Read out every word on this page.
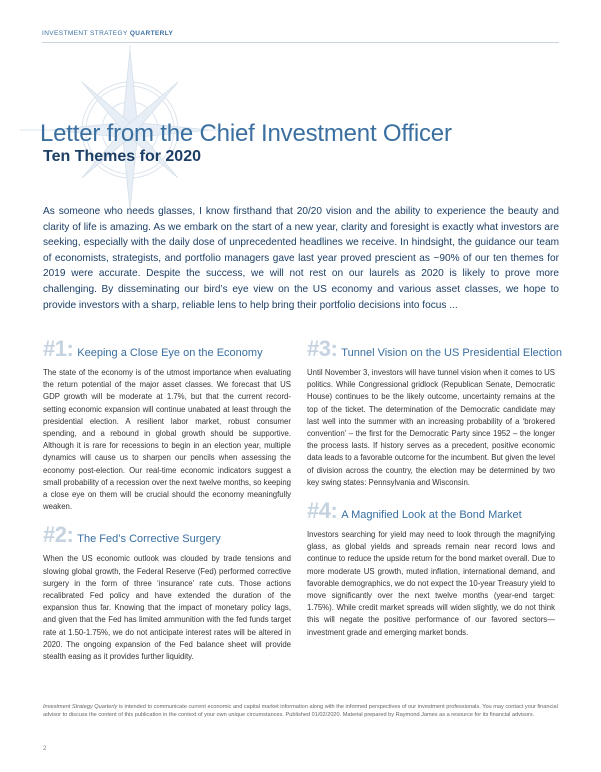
INVESTMENT STRATEGY QUARTERLY
Letter from the Chief Investment Officer
Ten Themes for 2020

As someone who needs glasses, I know firsthand that 20/20 vision and the ability to experience the beauty and clarity of life is amazing. As we embark on the start of a new year, clarity and foresight is exactly what investors are seeking, especially with the daily dose of unprecedented headlines we receive. In hindsight, the guidance our team of economists, strategists, and portfolio managers gave last year proved prescient as ~90% of our ten themes for 2019 were accurate. Despite the success, we will not rest on our laurels as 2020 is likely to prove more challenging. By disseminating our bird’s eye view on the US economy and various asset classes, we hope to provide investors with a sharp, reliable lens to help bring their portfolio decisions into focus ...

#1: Keeping a Close Eye on the Economy

The state of the economy is of the utmost importance when evaluating the return potential of the major asset classes. We forecast that US GDP growth will be moderate at 1.7%, but that the current record-setting economic expansion will continue unabated at least through the presidential election. A resilient labor market, robust consumer spending, and a rebound in global growth should be supportive. Although it is rare for recessions to begin in an election year, multiple dynamics will cause us to sharpen our pencils when assessing the economy post-election. Our real-time economic indicators suggest a small probability of a recession over the next twelve months, so keeping a close eye on them will be crucial should the economy meaningfully weaken.

#2: The Fed’s Corrective Surgery

When the US economic outlook was clouded by trade tensions and slowing global growth, the Federal Reserve (Fed) performed corrective surgery in the form of three ‘insurance’ rate cuts. Those actions recalibrated Fed policy and have extended the duration of the expansion thus far. Knowing that the impact of monetary policy lags, and given that the Fed has limited ammunition with the fed funds target rate at 1.50-1.75%, we do not anticipate interest rates will be altered in 2020. The ongoing expansion of the Fed balance sheet will provide stealth easing as it provides further liquidity.

#3: Tunnel Vision on the US Presidential Election

Until November 3, investors will have tunnel vision when it comes to US politics. While Congressional gridlock (Republican Senate, Democratic House) continues to be the likely outcome, uncertainty remains at the top of the ticket. The determination of the Democratic candidate may last well into the summer with an increasing probability of a ‘brokered convention’ – the first for the Democratic Party since 1952 – the longer the process lasts. If history serves as a precedent, positive economic data leads to a favorable outcome for the incumbent. But given the level of division across the country, the election may be determined by two key swing states: Pennsylvania and Wisconsin.

#4: A Magnified Look at the Bond Market

Investors searching for yield may need to look through the magnifying glass, as global yields and spreads remain near record lows and continue to reduce the upside return for the bond market overall. Due to more moderate US growth, muted inflation, international demand, and favorable demographics, we do not expect the 10-year Treasury yield to move significantly over the next twelve months (year-end target: 1.75%). While credit market spreads will widen slightly, we do not think this will negate the positive performance of our favored sectors—investment grade and emerging market bonds.

Investment Strategy Quarterly is intended to communicate current economic and capital market information along with the informed perspectives of our investment professionals. You may contact your financial advisor to discuss the content of this publication in the context of your own unique circumstances. Published 01/02/2020. Material prepared by Raymond James as a resource for its financial advisors.

2
